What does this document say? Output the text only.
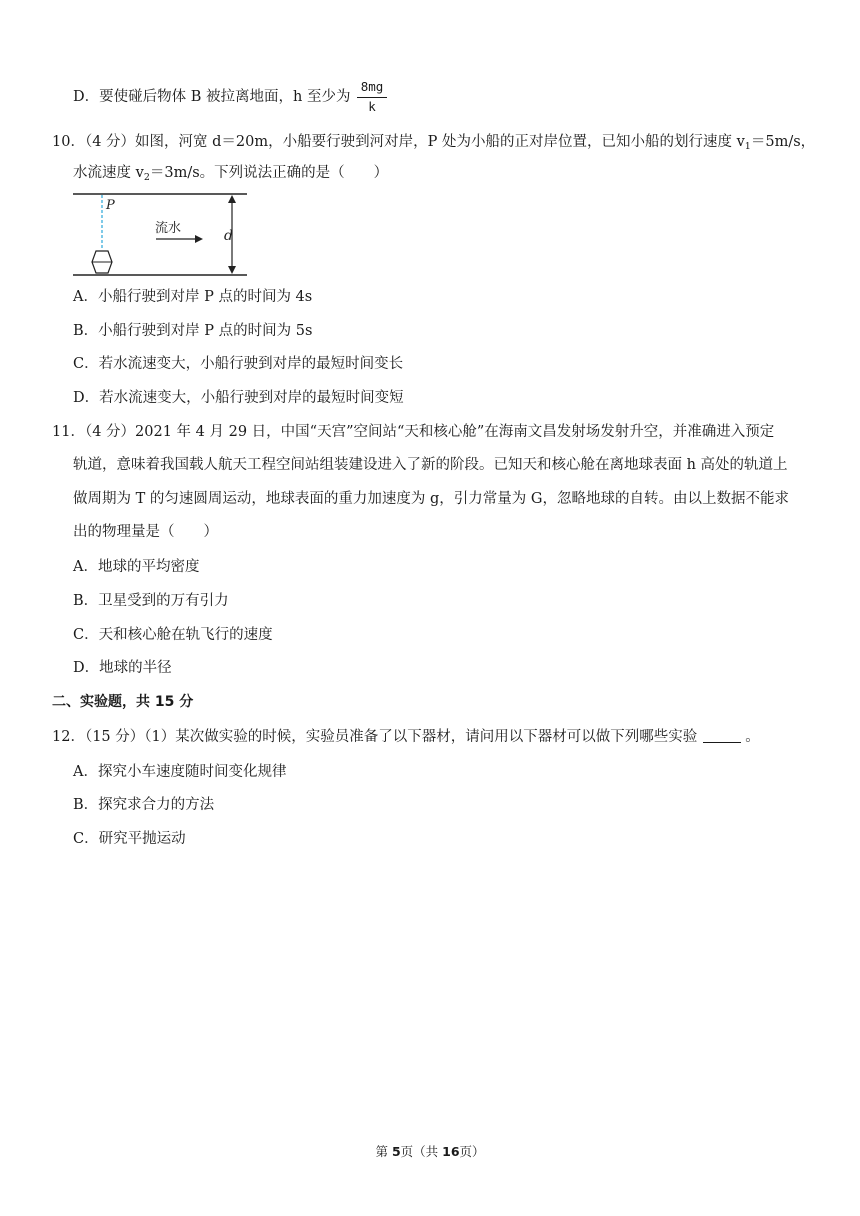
D．要使碰后物体 B 被拉离地面，h 至少为
8mg
k
10．（4 分）如图，河宽 d＝20m，小船要行驶到河对岸，P 处为小船的正对岸位置，已知小船的划行速度 $v_1=5m/s$，
水流速度 $v_2=3m/s$。下列说法正确的是（　　）
P
流水	d
A．小船行驶到对岸 P 点的时间为 4s
B．小船行驶到对岸 P 点的时间为 5s
C．若水流速变大，小船行驶到对岸的最短时间变长
D．若水流速变大，小船行驶到对岸的最短时间变短
11．（4 分）2021 年 4 月 29 日，中国“天宫”空间站“天和核心舱”在海南文昌发射场发射升空，并准确进入预定
轨道，意味着我国载人航天工程空间站组装建设进入了新的阶段。已知天和核心舱在离地球表面 h 高处的轨道上
做周期为 T 的匀速圆周运动，地球表面的重力加速度为 g，引力常量为 G，忽略地球的自转。由以上数据不能求
出的物理量是（　　）
A．地球的平均密度
B．卫星受到的万有引力
C．天和核心舱在轨飞行的速度
D．地球的半径
二、实验题，共 15 分
12．（15 分）（1）某次做实验的时候，实验员准备了以下器材，请问用以下器材可以做下列哪些实验	。
A．探究小车速度随时间变化规律
B．探究求合力的方法
C．研究平抛运动
第 5页（共 16页）
